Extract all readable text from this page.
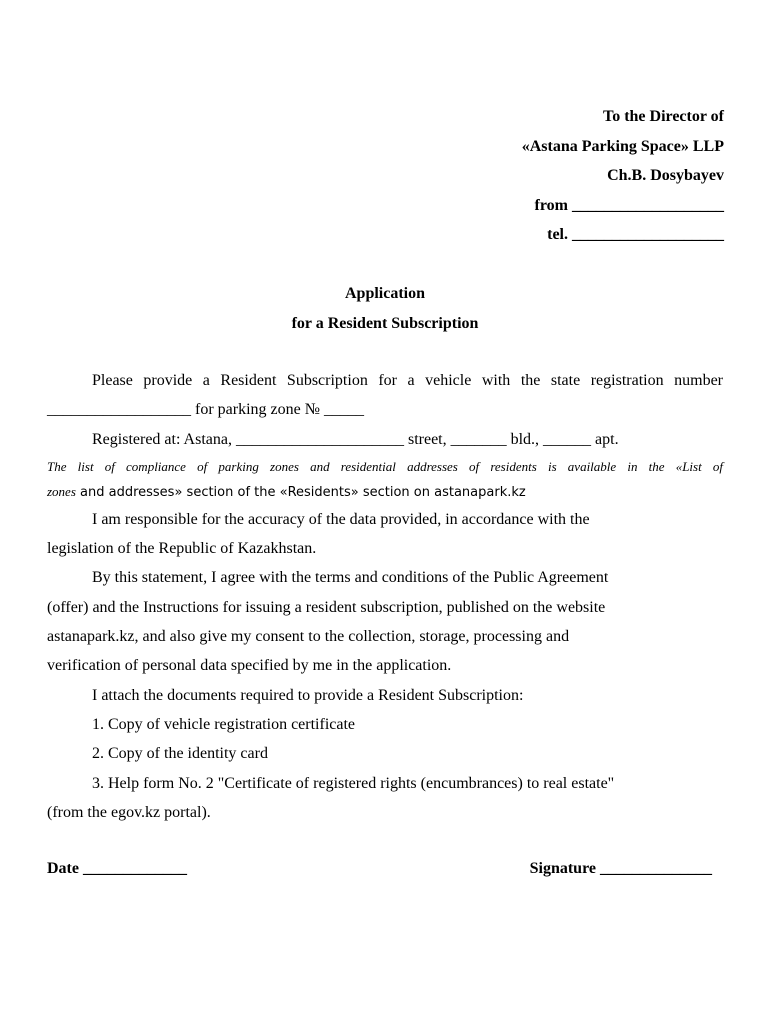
To the Director of
«Astana Parking Space» LLP
Ch.B. Dosybayev
from ___________________
tel. ___________________
Application
for a Resident Subscription
Please provide a Resident Subscription for a vehicle with the state registration number
__________________ for parking zone № _____
Registered at: Astana, _____________________ street, _______ bld., ______ apt.
The list of compliance of parking zones and residential addresses of residents is available in the «List of
zones and addresses» section of the «Residents» section on astanapark.kz
I am responsible for the accuracy of the data provided, in accordance with the
legislation of the Republic of Kazakhstan.
By this statement, I agree with the terms and conditions of the Public Agreement
(offer) and the Instructions for issuing a resident subscription, published on the website
astanapark.kz, and also give my consent to the collection, storage, processing and
verification of personal data specified by me in the application.
I attach the documents required to provide a Resident Subscription:
1. Copy of vehicle registration certificate
2. Copy of the identity card
3. Help form No. 2 "Certificate of registered rights (encumbrances) to real estate"
(from the egov.kz portal).
Date _____________	Signature ______________
